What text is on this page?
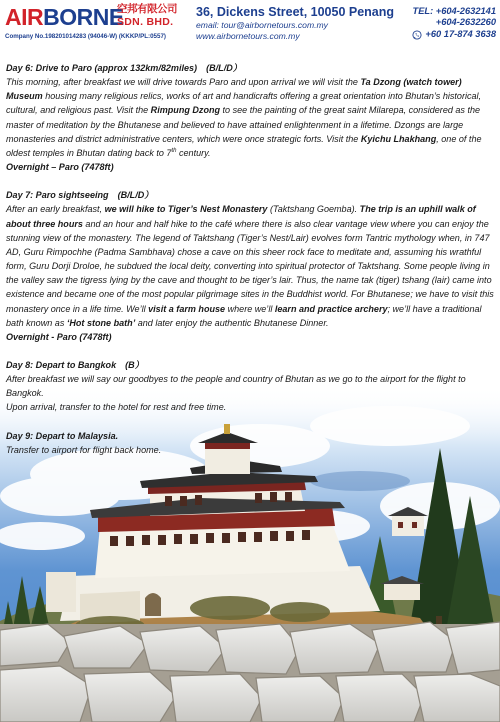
AIRBORNE
空邦有限公司
SDN. BHD.
Company No.198201014283 (94046-W) (KKKP/PL:0557)
36, Dickens Street, 10050 Penang
email: tour@airbornetours.com.my
www.airbornetours.com.my
TEL: +604-2632141
+604-2632260
+60 17-874 3638

Day 6: Drive to Paro (approx 132km/82miles)　(B/L/D）

This morning, after breakfast we will drive towards Paro and upon arrival we will visit the Ta Dzong (watch tower) Museum housing many religious relics, works of art and handicrafts offering a great orientation into Bhutan’s historical, cultural, and religious past. Visit the Rimpung Dzong to see the painting of the great saint Milarepa, considered as the master of meditation by the Bhutanese and believed to have attained enlightenment in a lifetime. Dzongs are large monasteries and district administrative centers, which were once strategic forts. Visit the Kyichu Lhakhang, one of the oldest temples in Bhutan dating back to 7th century.

Overnight – Paro (7478ft)

Day 7: Paro sightseeing　(B/L/D）

After an early breakfast, we will hike to Tiger’s Nest Monastery (Taktshang Goemba). The trip is an uphill walk of about three hours and an hour and half hike to the café where there is also clear vantage view where you can enjoy the stunning view of the monastery. The legend of Taktshang (Tiger’s Nest/Lair) evolves form Tantric mythology when, in 747 AD, Guru Rimpochhe (Padma Sambhava) chose a cave on this sheer rock face to meditate and, assuming his wrathful form, Guru Dorji Droloe, he subdued the local deity, converting into spiritual protector of Taktshang. Some people living in the valley saw the tigress lying by the cave and thought to be tiger’s lair. Thus, the name tak (tiger) tshang (lair) came into existence and became one of the most popular pilgrimage sites in the Buddhist world. For Bhutanese; we have to visit this monastery once in a life time. We’ll visit a farm house where we’ll learn and practice archery; we’ll have a traditional bath known as ‘Hot stone bath’ and later enjoy the authentic Bhutanese Dinner.

Overnight - Paro (7478ft)

Day 8: Depart to Bangkok　(B）

After breakfast we will say our goodbyes to the people and country of Bhutan as we go to the airport for the flight to Bangkok.

Upon arrival, transfer to the hotel for rest and free time.

Day 9: Depart to Malaysia.

Transfer to airport for flight back home.
